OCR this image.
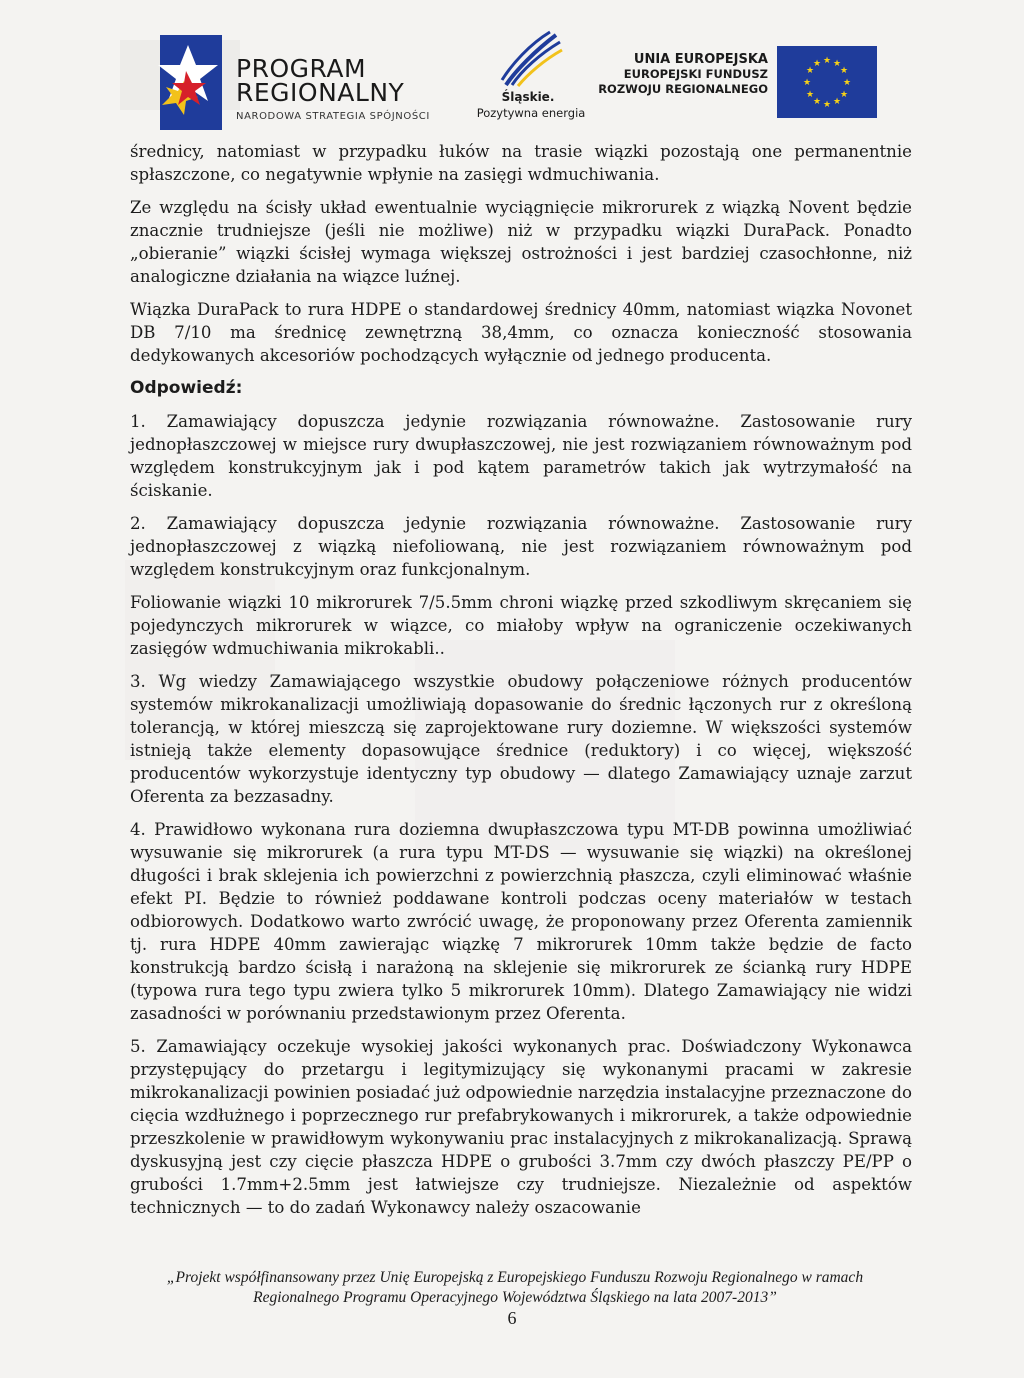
PROGRAM
REGIONALNY
NARODOWA STRATEGIA SPÓJNOŚCI
Śląskie.
Pozytywna energia
UNIA EUROPEJSKA
EUROPEJSKI FUNDUSZ
ROZWOJU REGIONALNEGO
★ ★
★
★
★
★
★
★
★
★
★
★

średnicy, natomiast w przypadku łuków na trasie wiązki pozostają one permanentnie spłaszczone, co negatywnie wpłynie na zasięgi wdmuchiwania.

Ze względu na ścisły układ ewentualnie wyciągnięcie mikrorurek z wiązką Novent będzie znacznie trudniejsze (jeśli nie możliwe) niż w przypadku wiązki DuraPack. Ponadto „obieranie” wiązki ścisłej wymaga większej ostrożności i jest bardziej czasochłonne, niż analogiczne działania na wiązce luźnej.

Wiązka DuraPack to rura HDPE o standardowej średnicy 40mm, natomiast wiązka Novonet DB 7/10 ma średnicę zewnętrzną 38,4mm, co oznacza konieczność stosowania dedykowanych akcesoriów pochodzących wyłącznie od jednego producenta.

Odpowiedź:

1. Zamawiający dopuszcza jedynie rozwiązania równoważne. Zastosowanie rury jednopłaszczowej w miejsce rury dwupłaszczowej, nie jest rozwiązaniem równoważnym pod względem konstrukcyjnym jak i pod kątem parametrów takich jak wytrzymałość na ściskanie.

2. Zamawiający dopuszcza jedynie rozwiązania równoważne. Zastosowanie rury jednopłaszczowej z wiązką niefoliowaną, nie jest rozwiązaniem równoważnym pod względem konstrukcyjnym oraz funkcjonalnym.

Foliowanie wiązki 10 mikrorurek 7/5.5mm chroni wiązkę przed szkodliwym skręcaniem się pojedynczych mikrorurek w wiązce, co miałoby wpływ na ograniczenie oczekiwanych zasięgów wdmuchiwania mikrokabli..

3. Wg wiedzy Zamawiającego wszystkie obudowy połączeniowe różnych producentów systemów mikrokanalizacji umożliwiają dopasowanie do średnic łączonych rur z określoną tolerancją, w której mieszczą się zaprojektowane rury doziemne. W większości systemów istnieją także elementy dopasowujące średnice (reduktory) i co więcej, większość producentów wykorzystuje identyczny typ obudowy — dlatego Zamawiający uznaje zarzut Oferenta za bezzasadny.

4. Prawidłowo wykonana rura doziemna dwupłaszczowa typu MT-DB powinna umożliwiać wysuwanie się mikrorurek (a rura typu MT-DS — wysuwanie się wiązki) na określonej długości i brak sklejenia ich powierzchni z powierzchnią płaszcza, czyli eliminować właśnie efekt PI. Będzie to również poddawane kontroli podczas oceny materiałów w testach odbiorowych. Dodatkowo warto zwrócić uwagę, że proponowany przez Oferenta zamiennik tj. rura HDPE 40mm zawierając wiązkę 7 mikrorurek 10mm także będzie de facto konstrukcją bardzo ścisłą i narażoną na sklejenie się mikrorurek ze ścianką rury HDPE (typowa rura tego typu zwiera tylko 5 mikrorurek 10mm). Dlatego Zamawiający nie widzi zasadności w porównaniu przedstawionym przez Oferenta.

5. Zamawiający oczekuje wysokiej jakości wykonanych prac. Doświadczony Wykonawca przystępujący do przetargu i legitymizujący się wykonanymi pracami w zakresie mikrokanalizacji powinien posiadać już odpowiednie narzędzia instalacyjne przeznaczone do cięcia wzdłużnego i poprzecznego rur prefabrykowanych i mikrorurek, a także odpowiednie przeszkolenie w prawidłowym wykonywaniu prac instalacyjnych z mikrokanalizacją. Sprawą dyskusyjną jest czy cięcie płaszcza HDPE o grubości 3.7mm czy dwóch płaszczy PE/PP o grubości 1.7mm+2.5mm jest łatwiejsze czy trudniejsze. Niezależnie od aspektów technicznych — to do zadań Wykonawcy należy oszacowanie

„Projekt współfinansowany przez Unię Europejską z Europejskiego Funduszu Rozwoju Regionalnego w ramach
Regionalnego Programu Operacyjnego Województwa Śląskiego na lata 2007-2013”
6
